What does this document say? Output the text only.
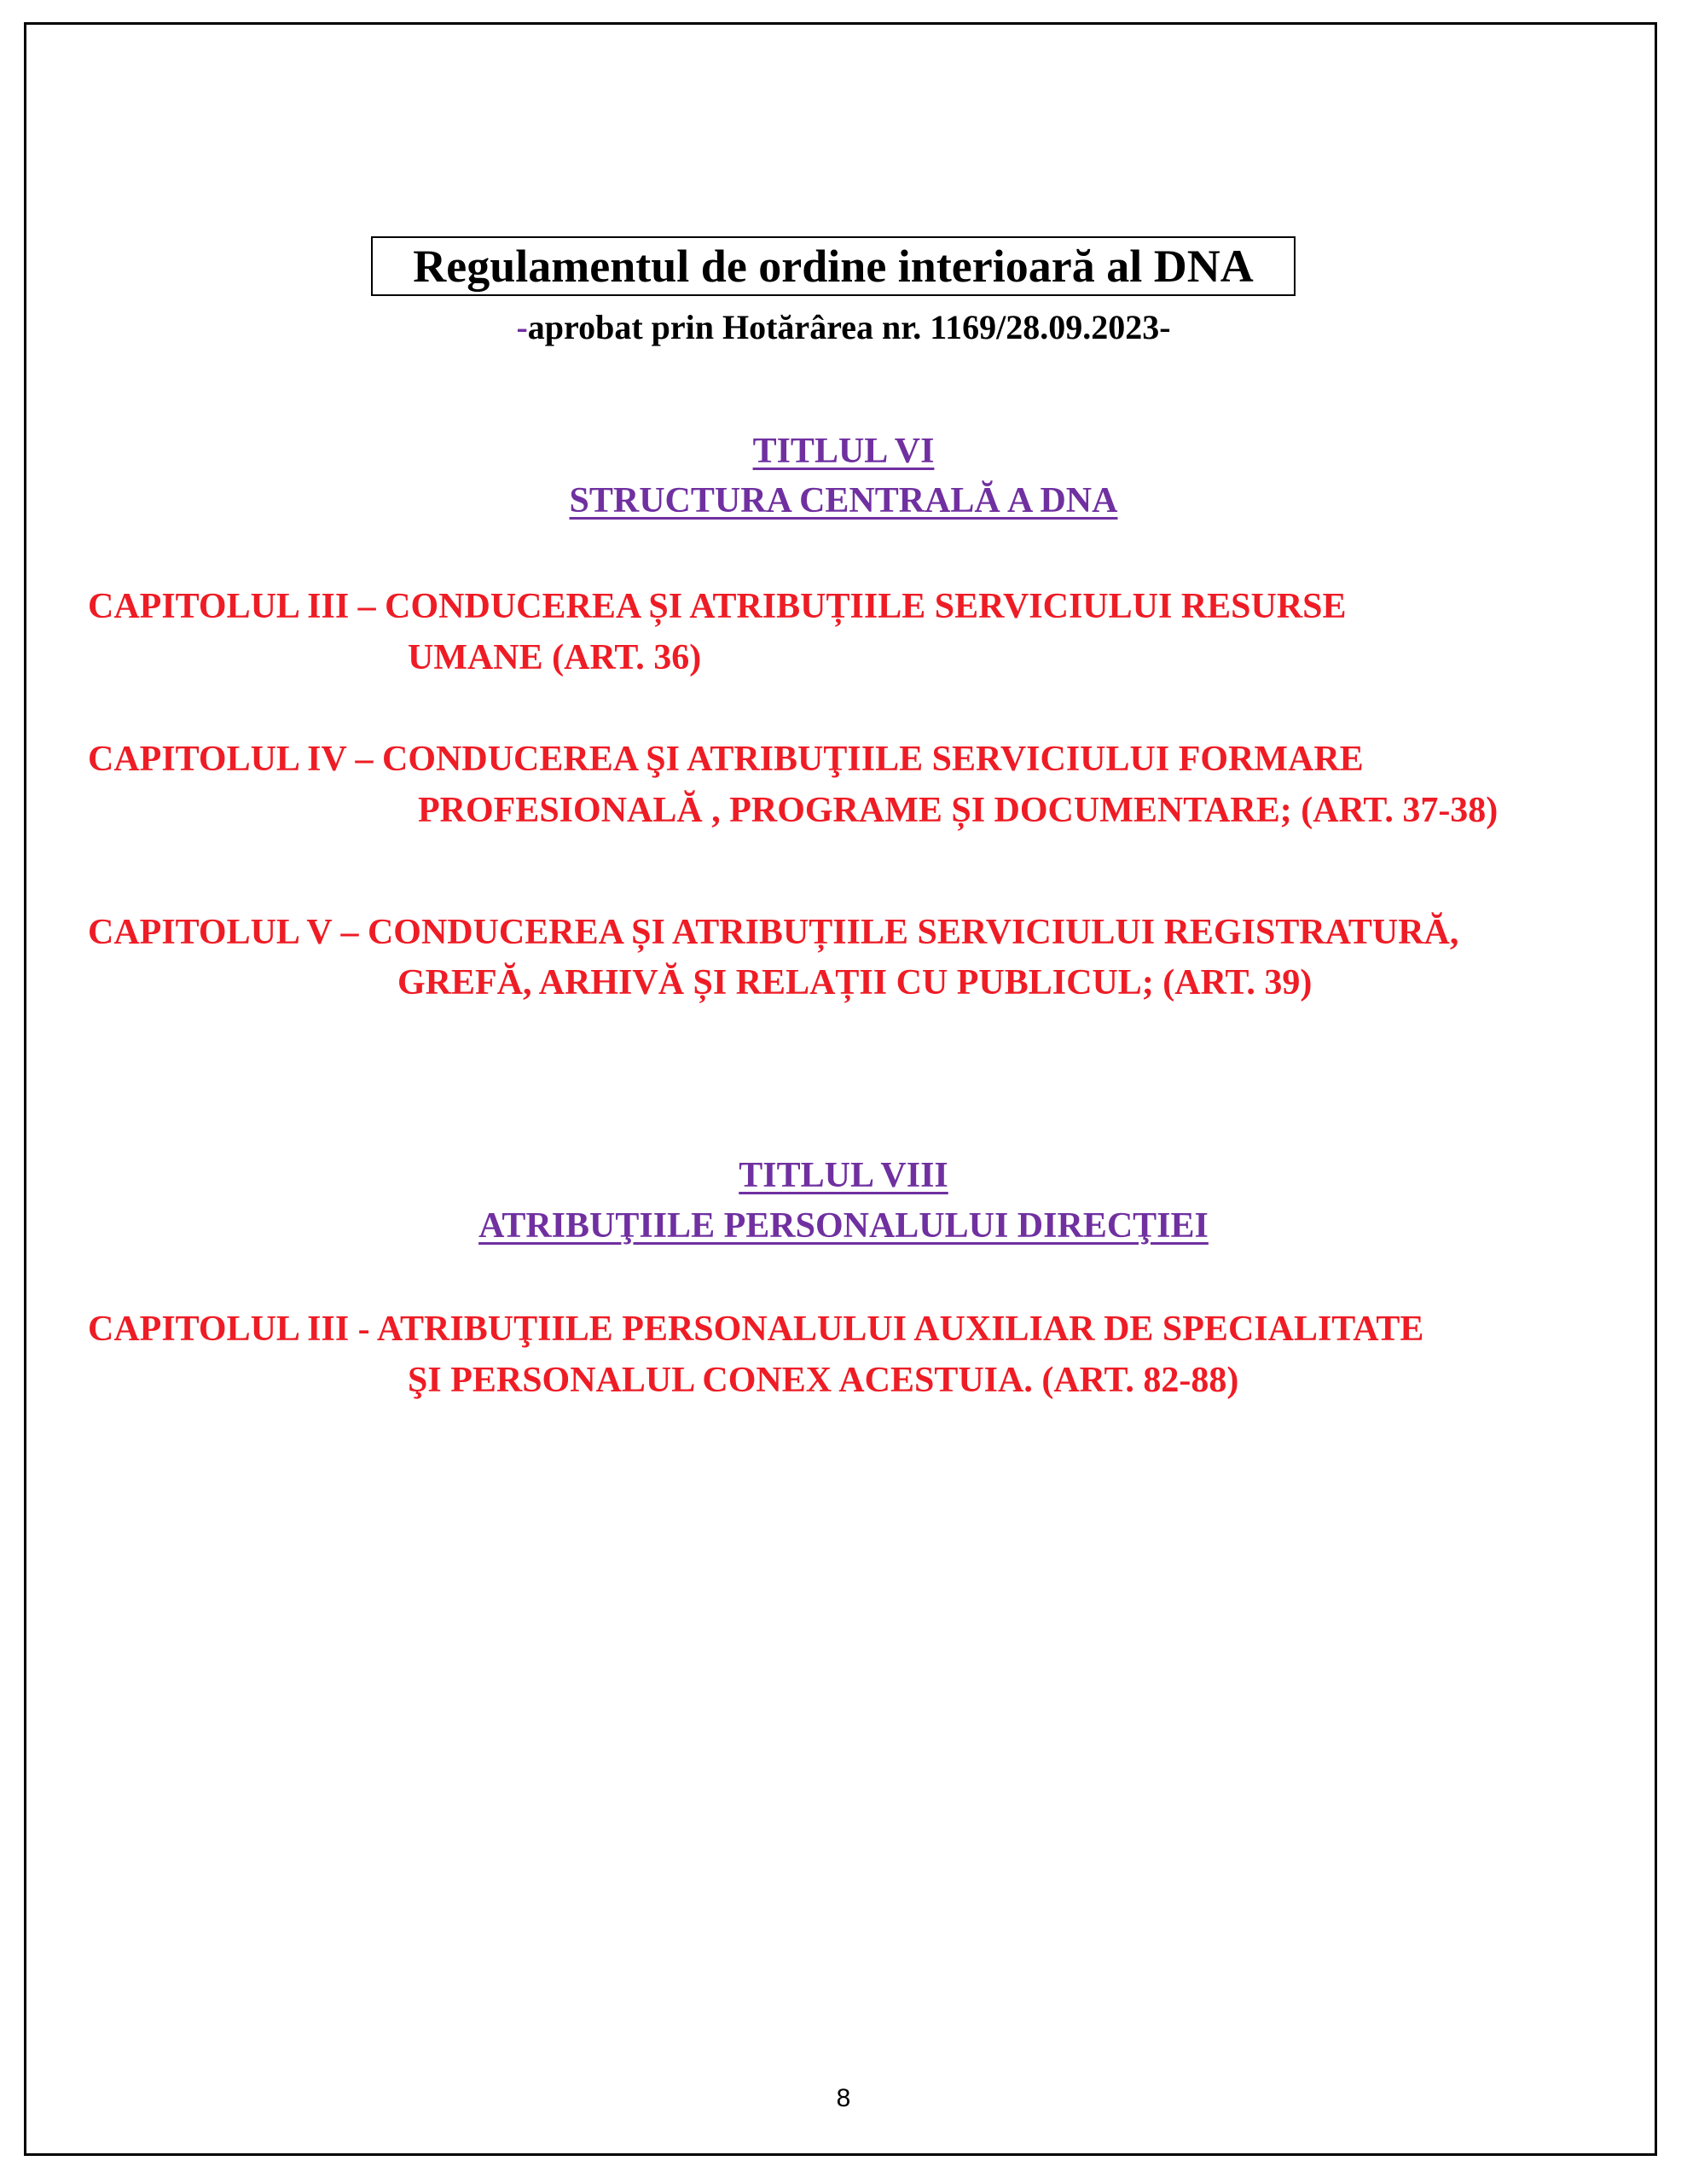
Regulamentul de ordine interioară al DNA
-aprobat prin Hotărârea nr. 1169/28.09.2023-
TITLUL VI
STRUCTURA CENTRALĂ A DNA
CAPITOLUL III – CONDUCEREA ȘI ATRIBUȚIILE SERVICIULUI RESURSE
UMANE (ART. 36)
CAPITOLUL IV – CONDUCEREA ŞI ATRIBUŢIILE SERVICIULUI FORMARE
PROFESIONALĂ , PROGRAME ȘI DOCUMENTARE; (ART. 37-38)
CAPITOLUL V – CONDUCEREA ȘI ATRIBUȚIILE SERVICIULUI REGISTRATURĂ,
GREFĂ, ARHIVĂ ȘI RELAȚII CU PUBLICUL; (ART. 39)
TITLUL VIII
ATRIBUŢIILE PERSONALULUI DIRECŢIEI
CAPITOLUL III - ATRIBUŢIILE PERSONALULUI AUXILIAR DE SPECIALITATE
ŞI PERSONALUL CONEX ACESTUIA. (ART. 82-88)
8
